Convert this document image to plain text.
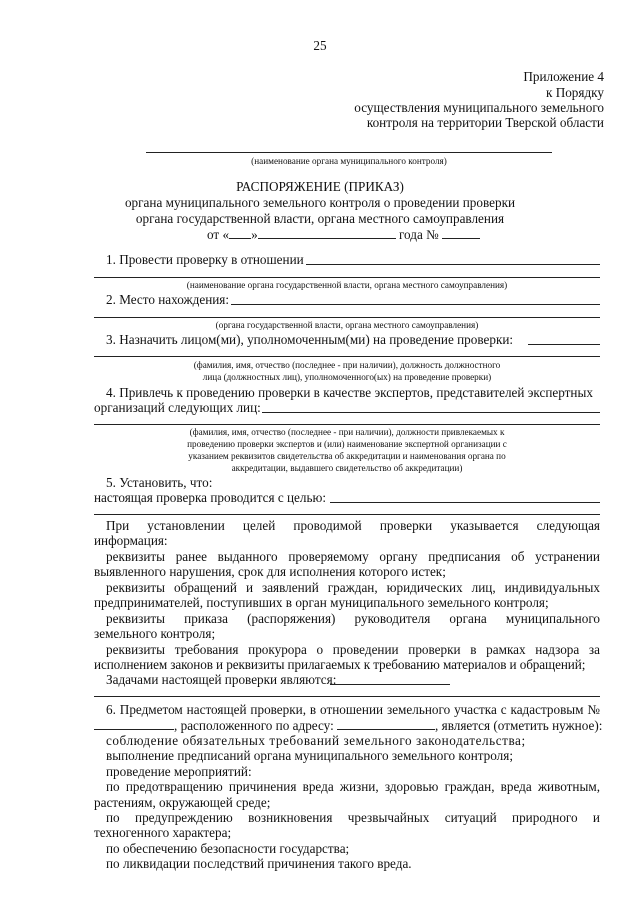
25
Приложение 4
к Порядку
осуществления муниципального земельного
контроля на территории Тверской области
(наименование органа муниципального контроля)
РАСПОРЯЖЕНИЕ (ПРИКАЗ)
органа муниципального земельного контроля о проведении проверки
органа государственной власти, органа местного самоуправления
от « »	года №
1. Провести проверку в отношении
(наименование органа государственной власти, органа местного самоуправления)
2. Место нахождения:
(органа государственной власти, органа местного самоуправления)
3. Назначить лицом(ми), уполномоченным(ми) на проведение проверки:
(фамилия, имя, отчество (последнее - при наличии), должность должностного
лица (должностных лиц), уполномоченного(ых) на проведение проверки)
4. Привлечь к проведению проверки в качестве экспертов, представителей экспертных
организаций следующих лиц:
(фамилия, имя, отчество (последнее - при наличии), должности привлекаемых к
проведению проверки экспертов и (или) наименование экспертной организации с
указанием реквизитов свидетельства об аккредитации и наименования органа по
аккредитации, выдавшего свидетельство об аккредитации)
5. Установить, что:
настоящая проверка проводится с целью:
При установлении целей проводимой проверки указывается следующая
информация:
реквизиты ранее выданного проверяемому органу предписания об устранении
выявленного нарушения, срок для исполнения которого истек;
реквизиты обращений и заявлений граждан, юридических лиц, индивидуальных
предпринимателей, поступивших в орган муниципального земельного контроля;
реквизиты приказа (распоряжения) руководителя органа муниципального
земельного контроля;
реквизиты требования прокурора о проведении проверки в рамках надзора за
исполнением законов и реквизиты прилагаемых к требованию материалов и обращений;
Задачами настоящей проверки являются:
6. Предметом настоящей проверки, в отношении земельного участка с кадастровым №
, расположенного по адресу:	, является (отметить нужное):
соблюдение обязательных требований земельного законодательства;
выполнение предписаний органа муниципального земельного контроля;
проведение мероприятий:
по предотвращению причинения вреда жизни, здоровью граждан, вреда животным,
растениям, окружающей среде;
по предупреждению возникновения чрезвычайных ситуаций природного и
техногенного характера;
по обеспечению безопасности государства;
по ликвидации последствий причинения такого вреда.
